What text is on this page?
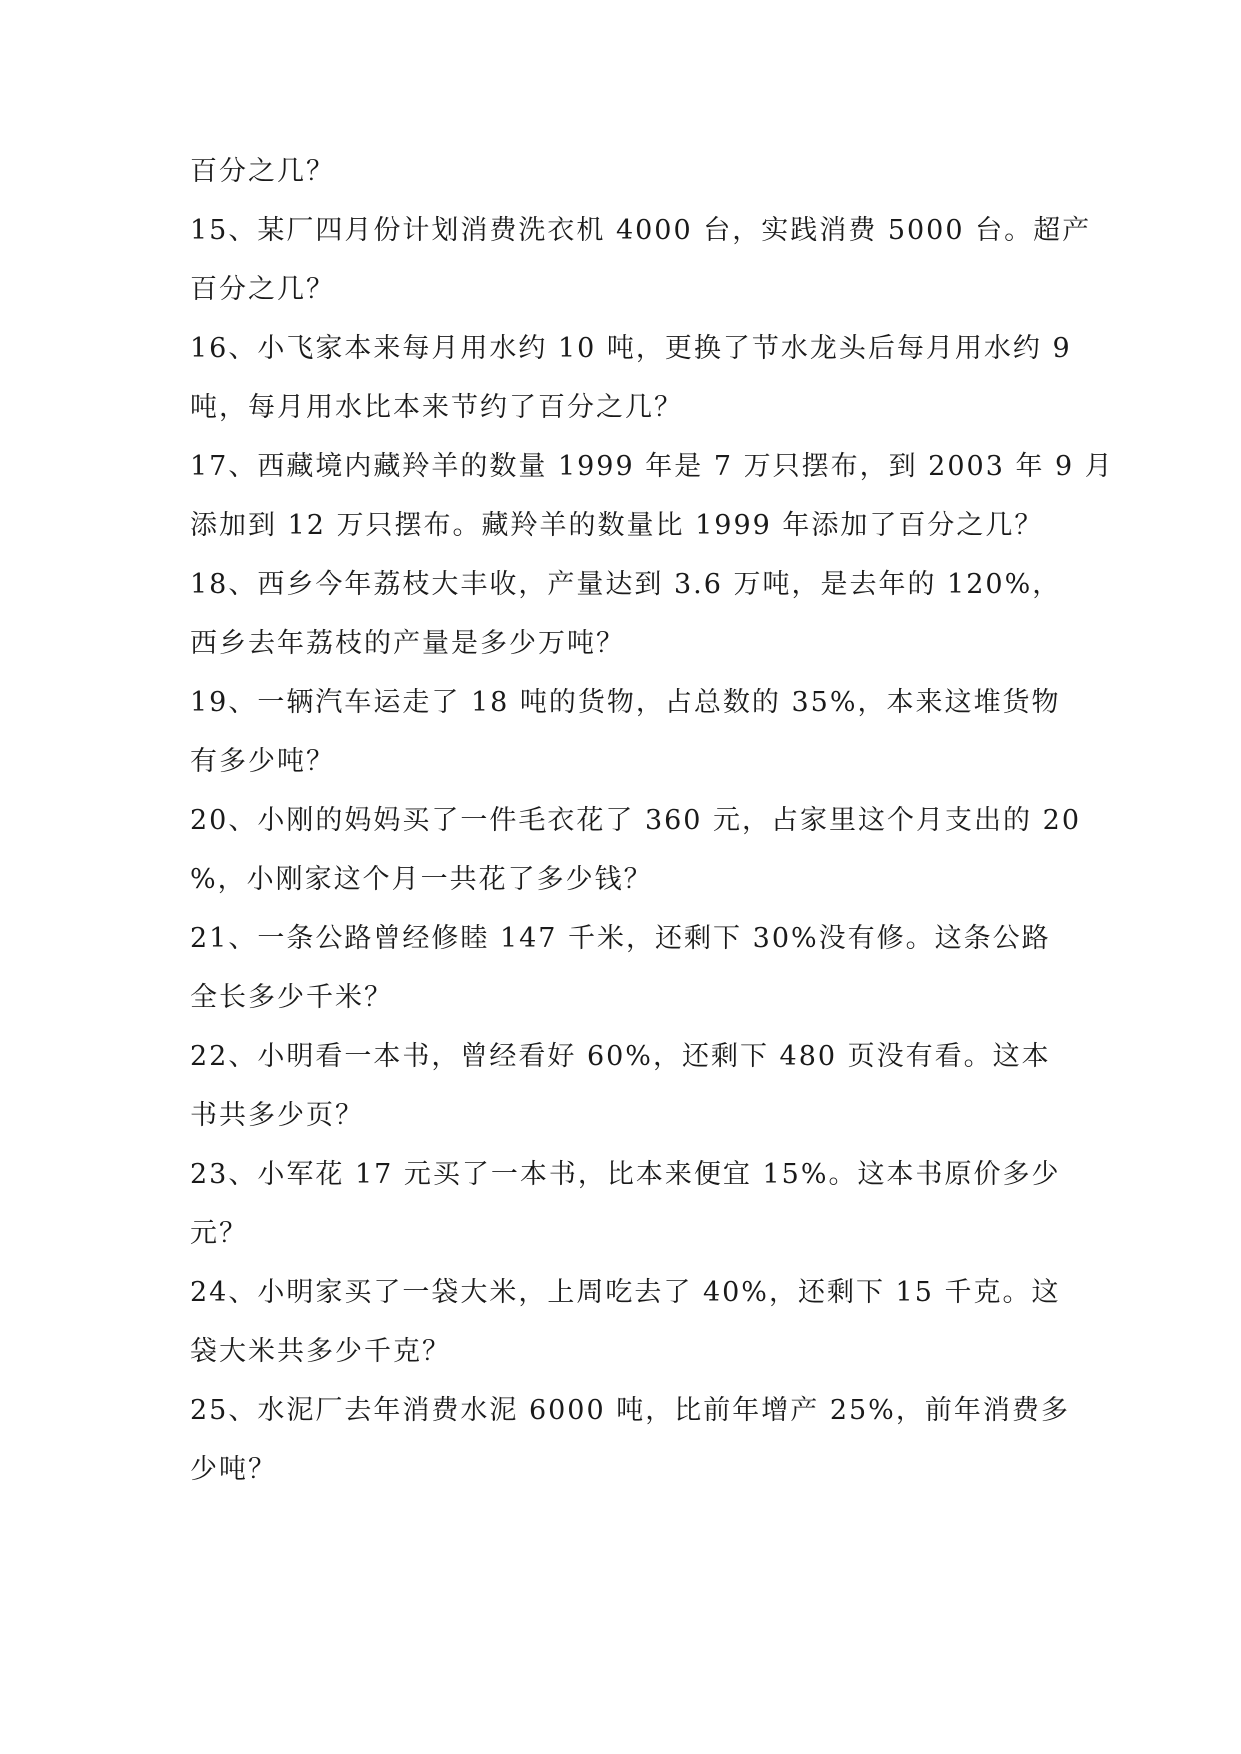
百分之几？
15、某厂四月份计划消费洗衣机 4000 台，实践消费 5000 台。超产
百分之几？
16、小飞家本来每月用水约 10 吨，更换了节水龙头后每月用水约 9
吨，每月用水比本来节约了百分之几？
17、西藏境内藏羚羊的数量 1999 年是 7 万只摆布，到 2003 年 9 月
添加到 12 万只摆布。藏羚羊的数量比 1999 年添加了百分之几？
18、西乡今年荔枝大丰收，产量达到 3.6 万吨，是去年的 120%，
西乡去年荔枝的产量是多少万吨？
19、一辆汽车运走了 18 吨的货物，占总数的 35%，本来这堆货物
有多少吨？
20、小刚的妈妈买了一件毛衣花了 360 元，占家里这个月支出的 20
%，小刚家这个月一共花了多少钱？
21、一条公路曾经修睦 147 千米，还剩下 30%没有修。这条公路
全长多少千米？
22、小明看一本书，曾经看好 60%，还剩下 480 页没有看。这本
书共多少页？
23、小军花 17 元买了一本书，比本来便宜 15%。这本书原价多少
元？
24、小明家买了一袋大米，上周吃去了 40%，还剩下 15 千克。这
袋大米共多少千克？
25、水泥厂去年消费水泥 6000 吨，比前年增产 25%，前年消费多
少吨？
